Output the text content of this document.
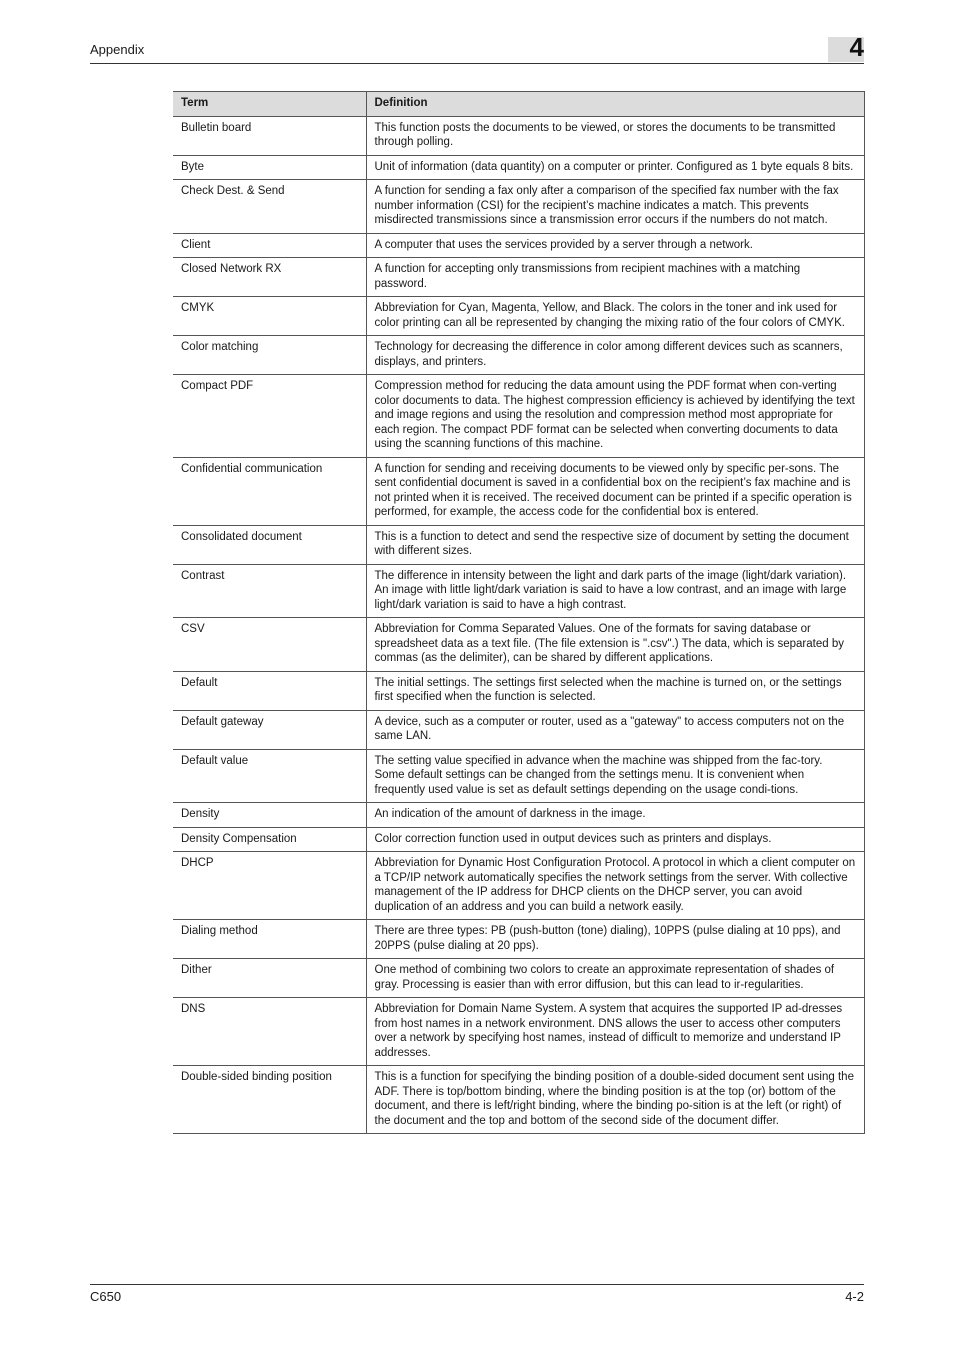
Appendix	4
Term	Definition
Bulletin board	This function posts the documents to be viewed, or stores the documents to be transmitted through polling.
Byte	Unit of information (data quantity) on a computer or printer. Configured as 1 byte equals 8 bits.
Check Dest. & Send	A function for sending a fax only after a comparison of the specified fax number with the fax number information (CSI) for the recipient’s machine indicates a match. This prevents misdirected transmissions since a transmission error occurs if the numbers do not match.
Client	A computer that uses the services provided by a server through a network.
Closed Network RX	A function for accepting only transmissions from recipient machines with a matching password.
CMYK	Abbreviation for Cyan, Magenta, Yellow, and Black. The colors in the toner and ink used for color printing can all be represented by changing the mixing ratio of the four colors of CMYK.
Color matching	Technology for decreasing the difference in color among different devices such as scanners, displays, and printers.
Compact PDF	Compression method for reducing the data amount using the PDF format when con-verting color documents to data. The highest compression efficiency is achieved by identifying the text and image regions and using the resolution and compression method most appropriate for each region. The compact PDF format can be selected when converting documents to data using the scanning functions of this machine.
Confidential communication	A function for sending and receiving documents to be viewed only by specific per-sons. The sent confidential document is saved in a confidential box on the recipient’s fax machine and is not printed when it is received. The received document can be printed if a specific operation is performed, for example, the access code for the confidential box is entered.
Consolidated document	This is a function to detect and send the respective size of document by setting the document with different sizes.
Contrast	The difference in intensity between the light and dark parts of the image (light/dark variation). An image with little light/dark variation is said to have a low contrast, and an image with large light/dark variation is said to have a high contrast.
CSV	Abbreviation for Comma Separated Values. One of the formats for saving database or spreadsheet data as a text file. (The file extension is ".csv".) The data, which is separated by commas (as the delimiter), can be shared by different applications.
Default	The initial settings. The settings first selected when the machine is turned on, or the settings first specified when the function is selected.
Default gateway	A device, such as a computer or router, used as a "gateway" to access computers not on the same LAN.
Default value	The setting value specified in advance when the machine was shipped from the fac-tory. Some default settings can be changed from the settings menu. It is convenient when frequently used value is set as default settings depending on the usage condi-tions.
Density	An indication of the amount of darkness in the image.
Density Compensation	Color correction function used in output devices such as printers and displays.
DHCP	Abbreviation for Dynamic Host Configuration Protocol. A protocol in which a client computer on a TCP/IP network automatically specifies the network settings from the server. With collective management of the IP address for DHCP clients on the DHCP server, you can avoid duplication of an address and you can build a network easily.
Dialing method	There are three types: PB (push-button (tone) dialing), 10PPS (pulse dialing at 10 pps), and 20PPS (pulse dialing at 20 pps).
Dither	One method of combining two colors to create an approximate representation of shades of gray. Processing is easier than with error diffusion, but this can lead to ir-regularities.
DNS	Abbreviation for Domain Name System. A system that acquires the supported IP ad-dresses from host names in a network environment. DNS allows the user to access other computers over a network by specifying host names, instead of difficult to memorize and understand IP addresses.
Double-sided binding position	This is a function for specifying the binding position of a double-sided document sent using the ADF. There is top/bottom binding, where the binding position is at the top (or) bottom of the document, and there is left/right binding, where the binding po-sition is at the left (or right) of the document and the top and bottom of the second side of the document differ.
C650	4-2
